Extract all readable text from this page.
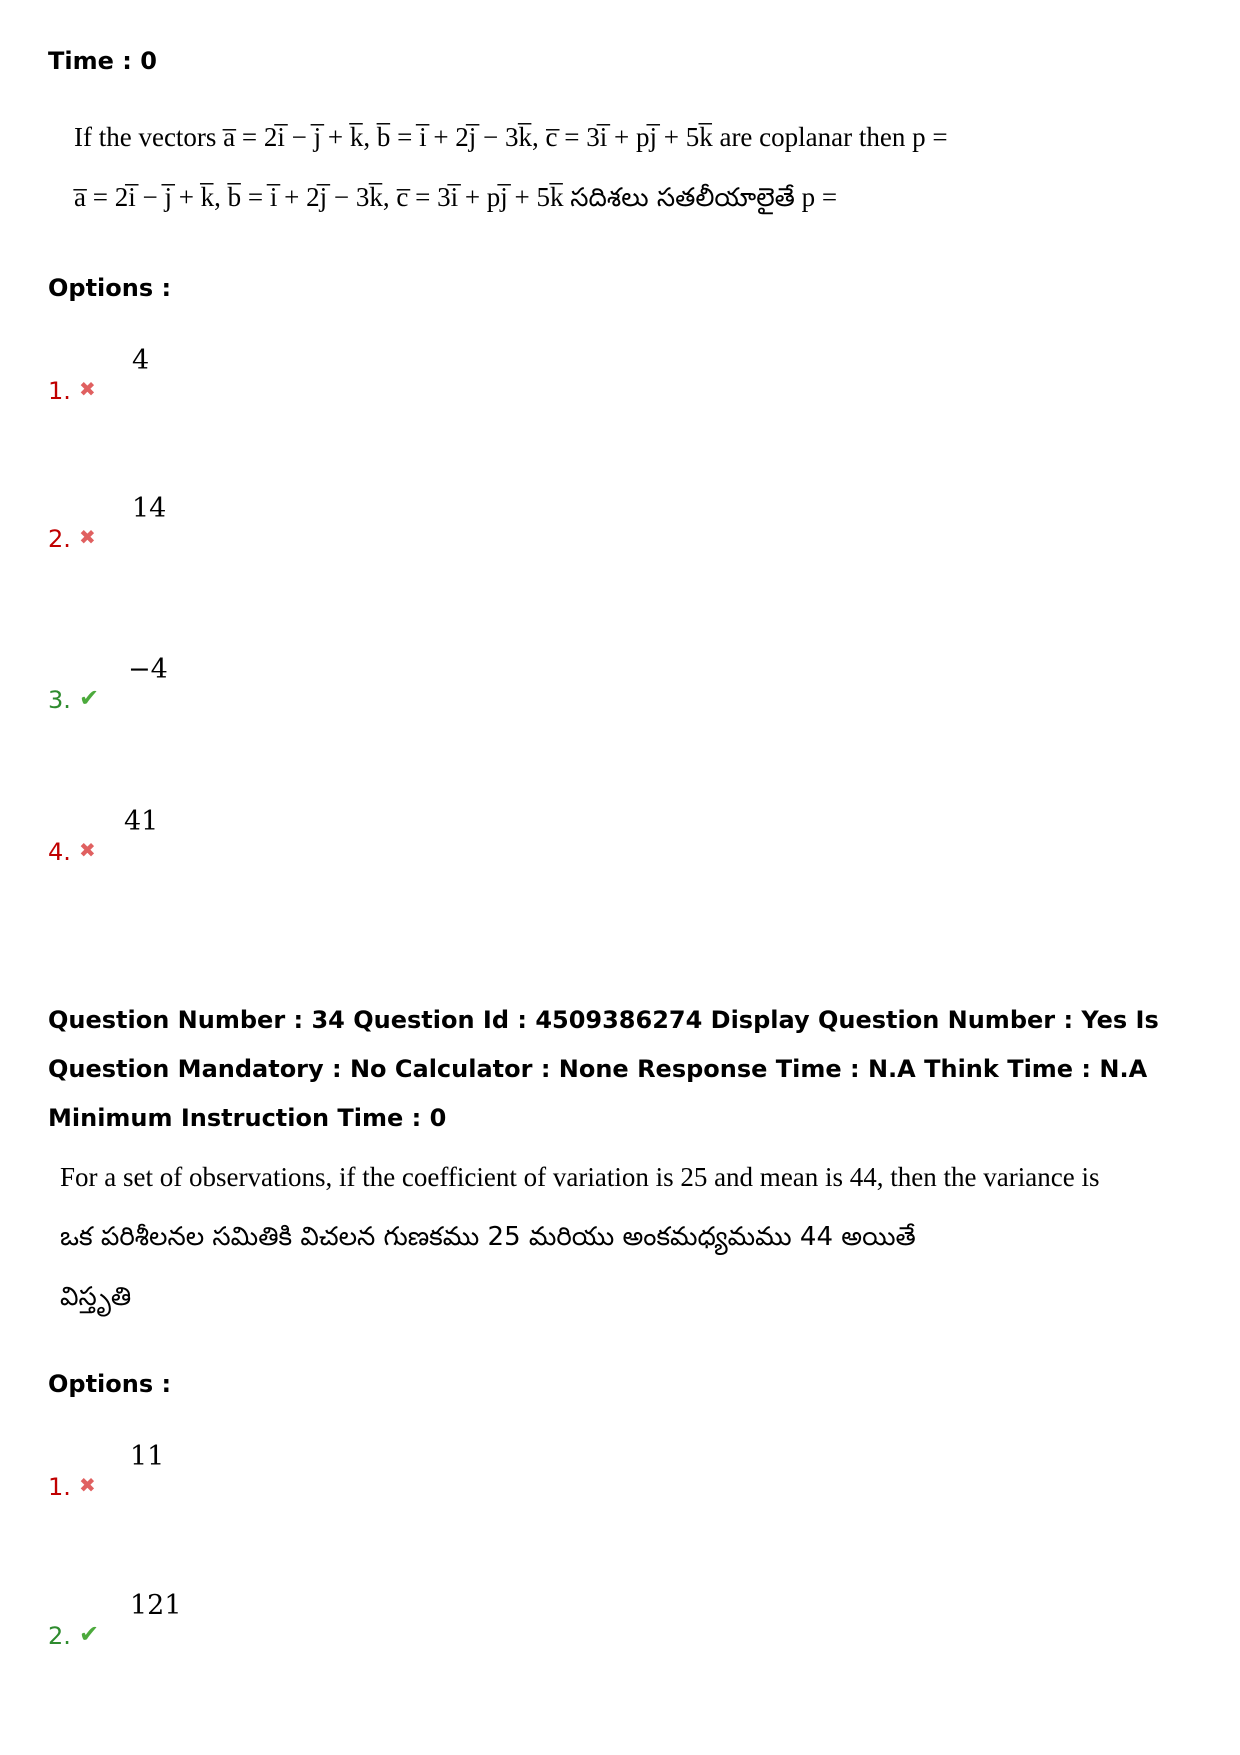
Time : 0
If the vectors a̅ = 2i̅ − j̅ + k̅, b̅ = i̅ + 2j̅ − 3k̅, c̅ = 3i̅ + pj̅ + 5k̅ are coplanar then p =
a̅ = 2i̅ − j̅ + k̅, b̅ = i̅ + 2j̅ − 3k̅, c̅ = 3i̅ + pj̅ + 5k̅ సదిశలు సతలీయాలైతే p =
Options :
1. ✖
4
2. ✖
14
3. ✔
−4
4. ✖
41
Question Number : 34 Question Id : 4509386274 Display Question Number : Yes Is Question Mandatory : No Calculator : None Response Time : N.A Think Time : N.A Minimum Instruction Time : 0
For a set of observations, if the coefficient of variation is 25 and mean is 44, then the variance is
ఒక పరిశీలనల సమితికి విచలన గుణకము 25 మరియు అంకమధ్యమము 44 అయితే
విస్తృతి
Options :
1. ✖
11
2. ✔
121
